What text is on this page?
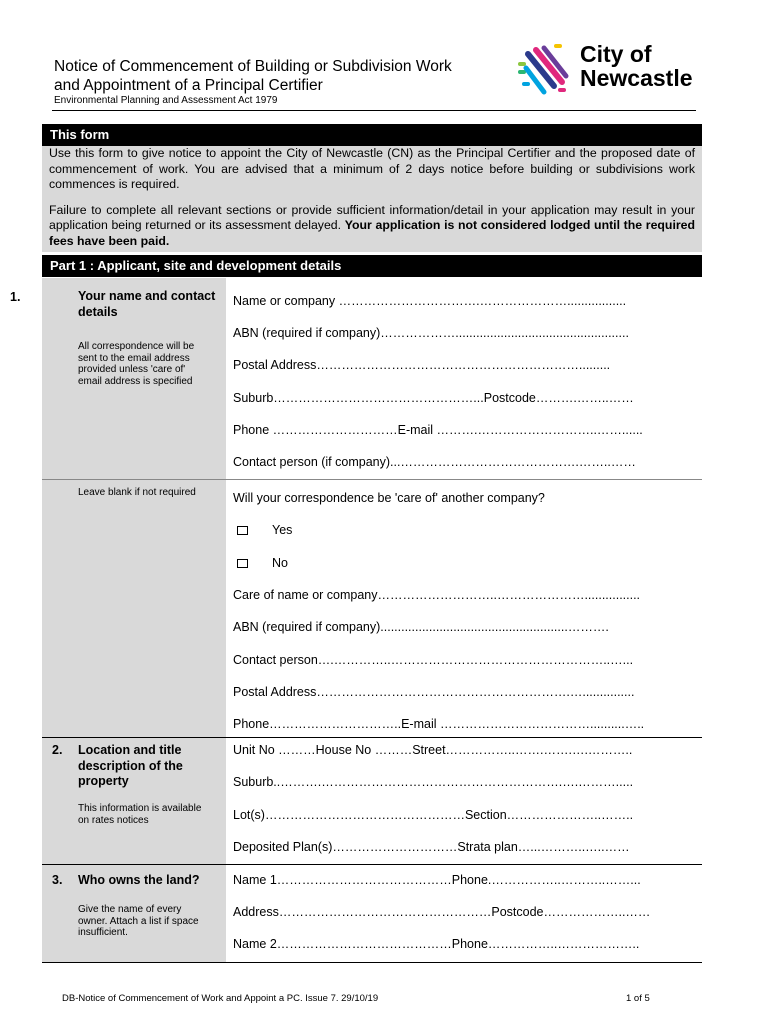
Notice of Commencement of Building or Subdivision Work
and Appointment of a Principal Certifier
Environmental Planning and Assessment Act 1979
City of
Newcastle
This form

Use this form to give notice to appoint the City of Newcastle (CN) as the Principal Certifier and the proposed date of commencement of work. You are advised that a minimum of 2 days notice before building or subdivisions work commences is required.

Failure to complete all relevant sections or provide sufficient information/detail in your application may result in your application being returned or its assessment delayed. Your application is not considered lodged until the required fees have been paid.

Part 1 : Applicant, site and development details
1.	Your name and contact details
All correspondence will be sent to the email address provided unless 'care of' email address is specified
Leave blank if not required
Name or company …………………………….………………….................
ABN (required if company)………………..................................................
Postal Address……………………………………………………….........
Suburb…………………………………………...Postcode……….……..……
Phone …………………………E-mail ……….………………………..……......
Contact person (if company)...…………………………………….……..……
Will your correspondence be 'care of' another company?
Yes
No
Care of name or company………………………..…………………................
ABN (required if company)......................................................……….
Contact person….…………..……………………………………………..…...
Postal Address…………………………………………………….…...............
Phone…………………………..E-mail ………………………………..........…..
2. Location and title description of the property
This information is available on rates notices
Unit No ………House No ………Street……………..…….…….….………..
Suburb..……….………………………………………………….….……….....
Lot(s)…………………………………………Section…………………..……..
Deposited Plan(s)…………………………Strata plan…...………..…..……
3. Who owns the land?
Give the name of every owner. Attach a list if space insufficient.
Name 1……………………………………Phone.……………..………..……...
Address……………………………………………Postcode………………..……
Name 2……………………………………Phone……………..………………..
DB-Notice of Commencement of Work and Appoint a PC. Issue 7. 29/10/19	1 of 5
